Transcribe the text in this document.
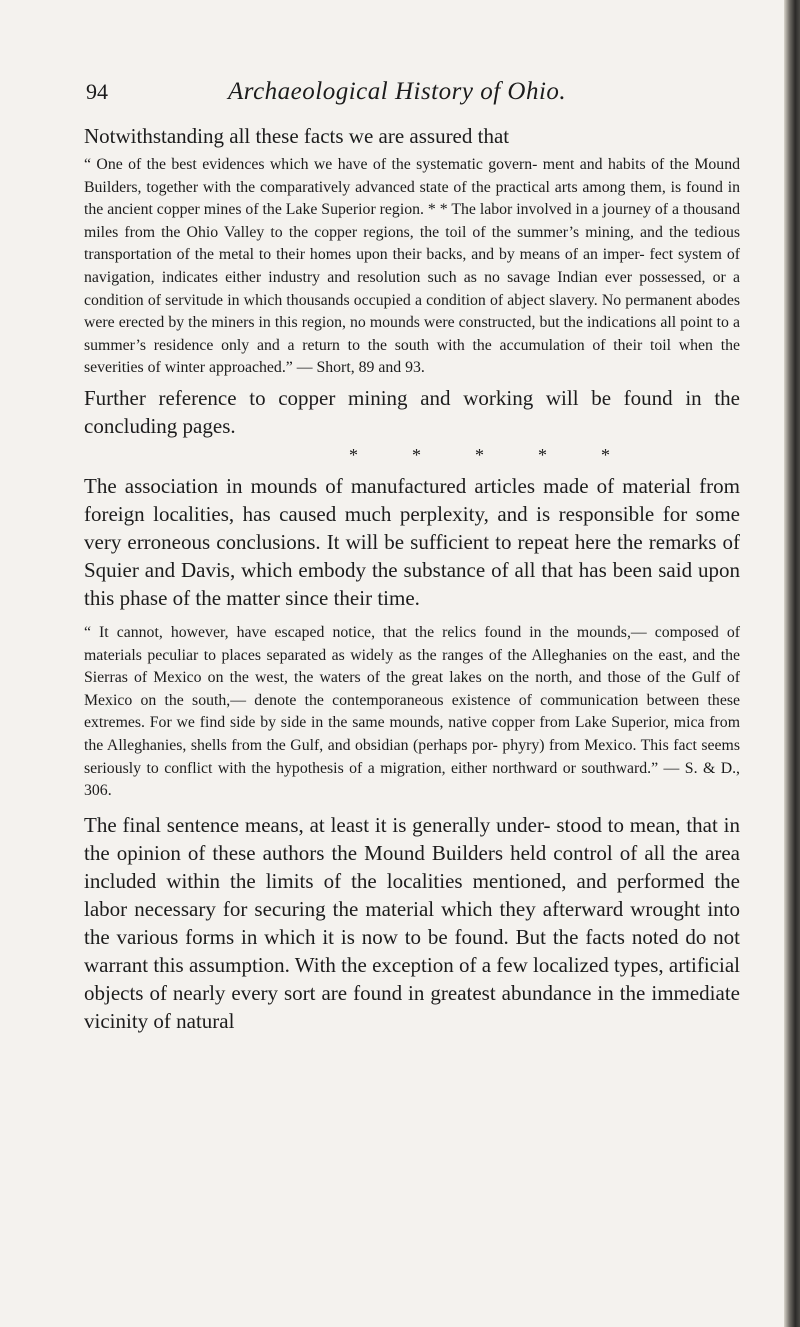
94	Archaeological History of Ohio.

Notwithstanding all these facts we are assured that

“ One of the best evidences which we have of the systematic govern- ment and habits of the Mound Builders, together with the comparatively advanced state of the practical arts among them, is found in the ancient copper mines of the Lake Superior region. * * The labor involved in a journey of a thousand miles from the Ohio Valley to the copper regions, the toil of the summer’s mining, and the tedious transportation of the metal to their homes upon their backs, and by means of an imper- fect system of navigation, indicates either industry and resolution such as no savage Indian ever possessed, or a condition of servitude in which thousands occupied a condition of abject slavery. No permanent abodes were erected by the miners in this region, no mounds were constructed, but the indications all point to a summer’s residence only and a return to the south with the accumulation of their toil when the severities of winter approached.” — Short, 89 and 93.

Further reference to copper mining and working will be found in the concluding pages.

*	*	*	*	*

The association in mounds of manufactured articles made of material from foreign localities, has caused much perplexity, and is responsible for some very erroneous conclusions. It will be sufficient to repeat here the remarks of Squier and Davis, which embody the substance of all that has been said upon this phase of the matter since their time.

“ It cannot, however, have escaped notice, that the relics found in the mounds,— composed of materials peculiar to places separated as widely as the ranges of the Alleghanies on the east, and the Sierras of Mexico on the west, the waters of the great lakes on the north, and those of the Gulf of Mexico on the south,— denote the contemporaneous existence of communication between these extremes. For we find side by side in the same mounds, native copper from Lake Superior, mica from the Alleghanies, shells from the Gulf, and obsidian (perhaps por- phyry) from Mexico. This fact seems seriously to conflict with the hypothesis of a migration, either northward or southward.” — S. & D., 306.

The final sentence means, at least it is generally under- stood to mean, that in the opinion of these authors the Mound Builders held control of all the area included within the limits of the localities mentioned, and performed the labor necessary for securing the material which they afterward wrought into the various forms in which it is now to be found. But the facts noted do not warrant this assumption. With the exception of a few localized types, artificial objects of nearly every sort are found in greatest abundance in the immediate vicinity of natural
